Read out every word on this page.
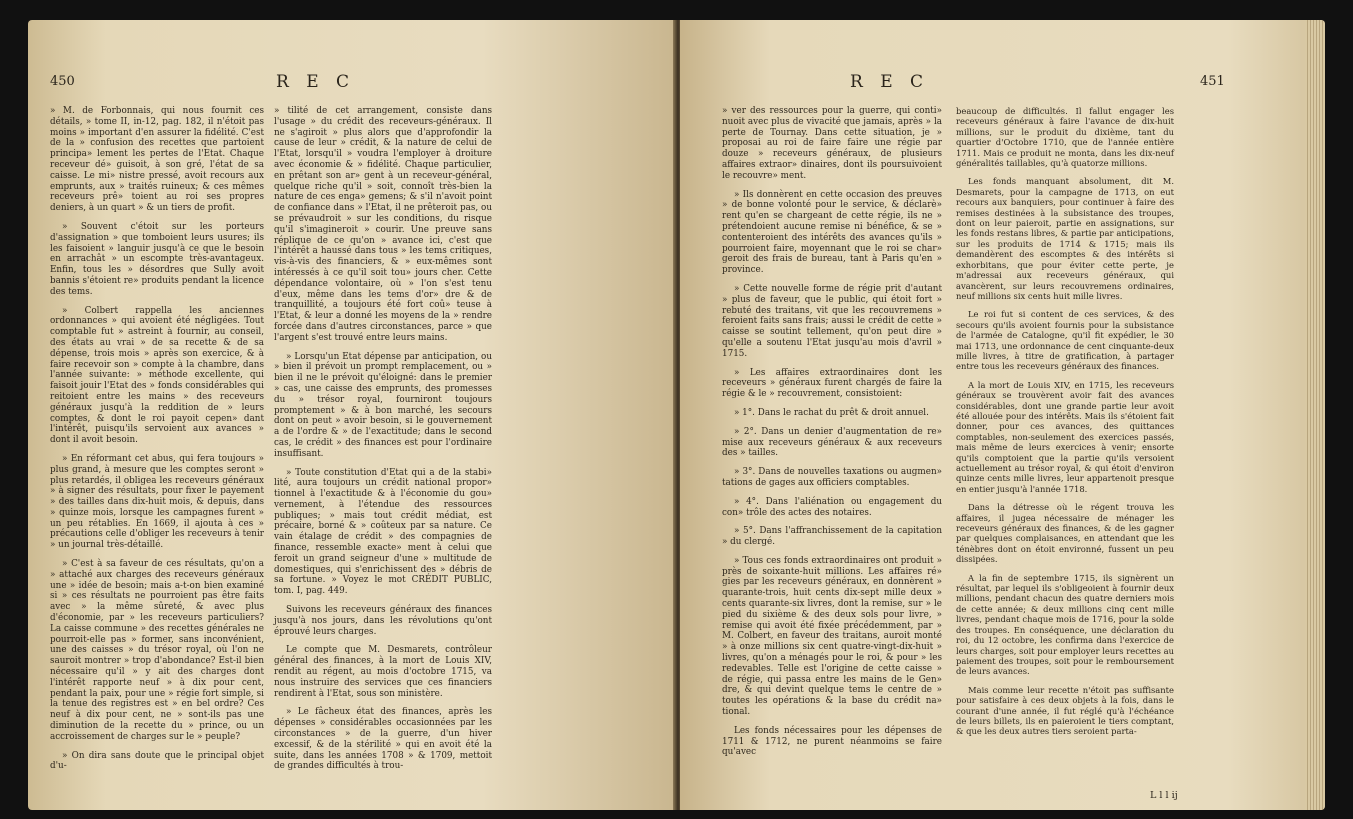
450	R E C

» M. de Forbonnais, qui nous fournit ces détails, » tome II, in-12, pag. 182, il n'étoit pas moins » important d'en assurer la fidélité. C'est de la » confusion des recettes que partoient principa» lement les pertes de l'Etat. Chaque receveur dé» guisoit, à son gré, l'état de sa caisse. Le mi» nistre pressé, avoit recours aux emprunts, aux » traités ruineux; & ces mêmes receveurs prê» toient au roi ses propres deniers, à un quart » & un tiers de profit.

» Souvent c'étoit sur les porteurs d'assignation » que tomboient leurs usures; ils les faisoient » languir jusqu'à ce que le besoin en arrachât » un escompte très-avantageux. Enfin, tous les » désordres que Sully avoit bannis s'étoient re» produits pendant la licence des tems.

» Colbert rappella les anciennes ordonnances » qui avoient été négligées. Tout comptable fut » astreint à fournir, au conseil, des états au vrai » de sa recette & de sa dépense, trois mois » après son exercice, & à faire recevoir son » compte à la chambre, dans l'année suivante: » méthode excellente, qui faisoit jouir l'Etat des » fonds considérables qui reitoient entre les mains » des receveurs généraux jusqu'à la reddition de » leurs comptes, & dont le roi payoit cepen» dant l'intérêt, puisqu'ils servoient aux avances » dont il avoit besoin.

» En réformant cet abus, qui fera toujours » plus grand, à mesure que les comptes seront » plus retardés, il obligea les receveurs généraux » à signer des résultats, pour fixer le payement » des tailles dans dix-huit mois, & depuis, dans » quinze mois, lorsque les campagnes furent » un peu rétablies. En 1669, il ajouta à ces » précautions celle d'obliger les receveurs à tenir » un journal très-détaillé.

» C'est à sa faveur de ces résultats, qu'on a » attaché aux charges des receveurs généraux une » idée de besoin; mais a-t-on bien examiné si » ces résultats ne pourroient pas être faits avec » la même sûreté, & avec plus d'économie, par » les receveurs particuliers? La caisse commune » des recettes générales ne pourroit-elle pas » former, sans inconvénient, une des caisses » du trésor royal, où l'on ne sauroit montrer » trop d'abondance? Est-il bien nécessaire qu'il » y ait des charges dont l'intérêt rapporte neuf » à dix pour cent, pendant la paix, pour une » régie fort simple, si la tenue des registres est » en bel ordre? Ces neuf à dix pour cent, ne » sont-ils pas une diminution de la recette du » prince, ou un accroissement de charges sur le » peuple?

» On dira sans doute que le principal objet d'u-

» tilité de cet arrangement, consiste dans l'usage » du crédit des receveurs-généraux. Il ne s'agiroit » plus alors que d'approfondir la cause de leur » crédit, & la nature de celui de l'Etat, lorsqu'il » voudra l'employer à droiture avec économie & » fidélité. Chaque particulier, en prêtant son ar» gent à un receveur-général, quelque riche qu'il » soit, connoît très-bien la nature de ces enga» gemens; & s'il n'avoit point de confiance dans » l'Etat, il ne prêteroit pas, ou se prévaudroit » sur les conditions, du risque qu'il s'imagineroit » courir. Une preuve sans réplique de ce qu'on » avance ici, c'est que l'intérêt a haussé dans tous » les tems critiques, vis-à-vis des financiers, & » eux-mêmes sont intéressés à ce qu'il soit tou» jours cher. Cette dépendance volontaire, où » l'on s'est tenu d'eux, même dans les tems d'or» dre & de tranquillité, a toujours été fort coû» teuse à l'Etat, & leur a donné les moyens de la » rendre forcée dans d'autres circonstances, parce » que l'argent s'est trouvé entre leurs mains.

» Lorsqu'un Etat dépense par anticipation, ou » bien il prévoit un prompt remplacement, ou » bien il ne le prévoit qu'éloigné: dans le premier » cas, une caisse des emprunts, des promesses du » trésor royal, fourniront toujours promptement » & à bon marché, les secours dont on peut » avoir besoin, si le gouvernement a de l'ordre & » de l'exactitude; dans le second cas, le crédit » des finances est pour l'ordinaire insuffisant.

» Toute constitution d'Etat qui a de la stabi» lité, aura toujours un crédit national propor» tionnel à l'exactitude & à l'économie du gou» vernement, à l'étendue des ressources publiques; » mais tout crédit médiat, est précaire, borné & » coûteux par sa nature. Ce vain étalage de crédit » des compagnies de finance, ressemble exacte» ment à celui que feroit un grand seigneur d'une » multitude de domestiques, qui s'enrichissent des » débris de sa fortune. » Voyez le mot CRÉDIT PUBLIC, tom. I, pag. 449.

Suivons les receveurs généraux des finances jusqu'à nos jours, dans les révolutions qu'ont éprouvé leurs charges.

Le compte que M. Desmarets, contrôleur général des finances, à la mort de Louis XIV, rendit au régent, au mois d'octobre 1715, va nous instruire des services que ces financiers rendirent à l'Etat, sous son ministère.

» Le fâcheux état des finances, après les dépenses » considérables occasionnées par les circonstances » de la guerre, d'un hiver excessif, & de la stérilité » qui en avoit été la suite, dans les années 1708 » & 1709, mettoit de grandes difficultés à trou-

R E C	451

» ver des ressources pour la guerre, qui conti» nuoit avec plus de vivacité que jamais, après » la perte de Tournay. Dans cette situation, je » proposai au roi de faire faire une régie par douze » receveurs généraux, de plusieurs affaires extraor» dinaires, dont ils poursuivoient le recouvre» ment.

» Ils donnèrent en cette occasion des preuves » de bonne volonté pour le service, & déclarè» rent qu'en se chargeant de cette régie, ils ne » prétendoient aucune remise ni bénéfice, & se » contenteroient des intérêts des avances qu'ils » pourroient faire, moyennant que le roi se char» geroit des frais de bureau, tant à Paris qu'en » province.

» Cette nouvelle forme de régie prit d'autant » plus de faveur, que le public, qui étoit fort » rebuté des traitans, vit que les recouvremens » feroient faits sans frais; aussi le crédit de cette » caisse se soutint tellement, qu'on peut dire » qu'elle a soutenu l'Etat jusqu'au mois d'avril » 1715.

» Les affaires extraordinaires dont les receveurs » généraux furent chargés de faire la régie & le » recouvrement, consistoient:

» 1°. Dans le rachat du prêt & droit annuel.

» 2°. Dans un denier d'augmentation de re» mise aux receveurs généraux & aux receveurs des » tailles.

» 3°. Dans de nouvelles taxations ou augmen» tations de gages aux officiers comptables.

» 4°. Dans l'aliénation ou engagement du con» trôle des actes des notaires.

» 5°. Dans l'affranchissement de la capitation » du clergé.

» Tous ces fonds extraordinaires ont produit » près de soixante-huit millions. Les affaires ré» gies par les receveurs généraux, en donnèrent » quarante-trois, huit cents dix-sept mille deux » cents quarante-six livres, dont la remise, sur » le pied du sixième & des deux sols pour livre, » remise qui avoit été fixée précédemment, par » M. Colbert, en faveur des traitans, auroit monté » à onze millions six cent quatre-vingt-dix-huit » livres, qu'on a ménagés pour le roi, & pour » les redevables. Telle est l'origine de cette caisse » de régie, qui passa entre les mains de le Gen» dre, & qui devint quelque tems le centre de » toutes les opérations & la base du crédit na» tional.

Les fonds nécessaires pour les dépenses de 1711 & 1712, ne purent néanmoins se faire qu'avec

beaucoup de difficultés. Il fallut engager les receveurs généraux à faire l'avance de dix-huit millions, sur le produit du dixième, tant du quartier d'Octobre 1710, que de l'année entière 1711. Mais ce produit ne monta, dans les dix-neuf généralités taillables, qu'à quatorze millions.

Les fonds manquant absolument, dit M. Desmarets, pour la campagne de 1713, on eut recours aux banquiers, pour continuer à faire des remises destinées à la subsistance des troupes, dont on leur paieroit, partie en assignations, sur les fonds restans libres, & partie par anticipations, sur les produits de 1714 & 1715; mais ils demandèrent des escomptes & des intérêts si exhorbitans, que pour éviter cette perte, je m'adressai aux receveurs généraux, qui avancèrent, sur leurs recouvremens ordinaires, neuf millions six cents huit mille livres.

Le roi fut si content de ces services, & des secours qu'ils avoient fournis pour la subsistance de l'armée de Catalogne, qu'il fit expédier, le 30 mai 1713, une ordonnance de cent cinquante-deux mille livres, à titre de gratification, à partager entre tous les receveurs généraux des finances.

A la mort de Louis XIV, en 1715, les receveurs généraux se trouvèrent avoir fait des avances considérables, dont une grande partie leur avoit été allouée pour des intérêts. Mais ils s'étoient fait donner, pour ces avances, des quittances comptables, non-seulement des exercices passés, mais même de leurs exercices à venir; ensorte qu'ils comptoient que la partie qu'ils versoient actuellement au trésor royal, & qui étoit d'environ quinze cents mille livres, leur appartenoit presque en entier jusqu'à l'année 1718.

Dans la détresse où le régent trouva les affaires, il jugea nécessaire de ménager les receveurs généraux des finances, & de les gagner par quelques complaisances, en attendant que les ténèbres dont on étoit environné, fussent un peu dissipées.

A la fin de septembre 1715, ils signèrent un résultat, par lequel ils s'obligeoient à fournir deux millions, pendant chacun des quatre derniers mois de cette année; & deux millions cinq cent mille livres, pendant chaque mois de 1716, pour la solde des troupes. En conséquence, une déclaration du roi, du 12 octobre, les confirma dans l'exercice de leurs charges, soit pour employer leurs recettes au paiement des troupes, soit pour le remboursement de leurs avances.

Mais comme leur recette n'étoit pas suffisante pour satisfaire à ces deux objets à la fois, dans le courant d'une année, il fut réglé qu'à l'échéance de leurs billets, ils en paieroient le tiers comptant, & que les deux autres tiers seroient parta-

L l l ij
